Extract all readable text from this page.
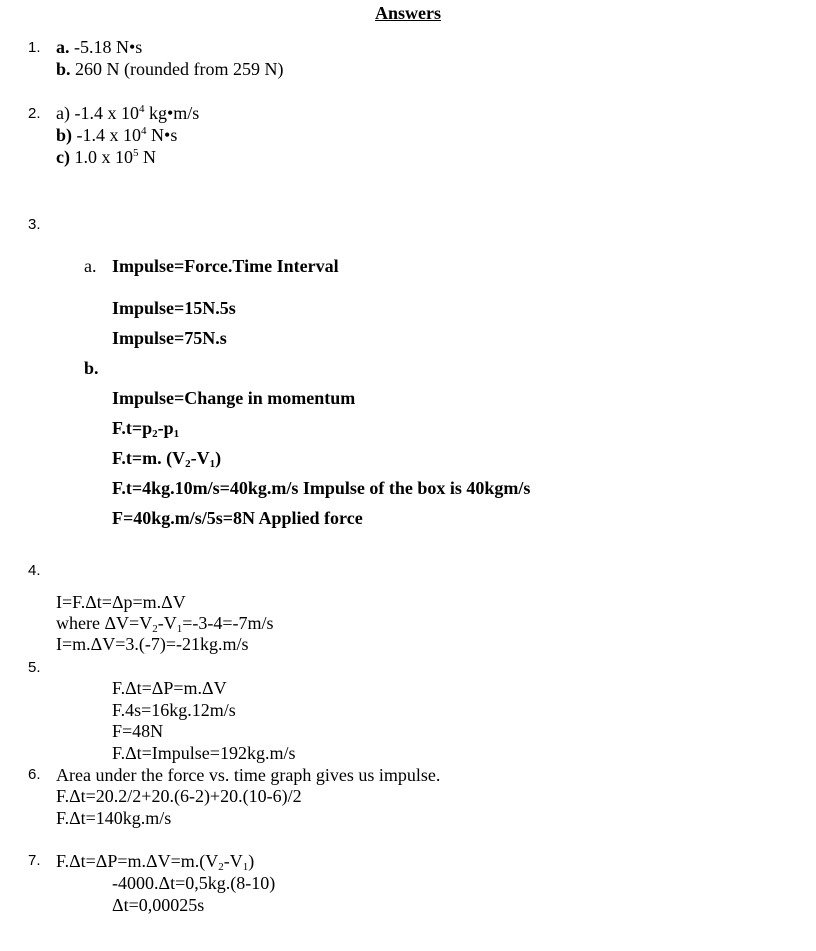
Answers
1. a. -5.18 N•s
b. 260 N (rounded from 259 N)
2. a) -1.4 x $10^4$ kg•m/s
b) -1.4 x $10^4$ N•s
c) 1.0 x $10^5$ N
3.
a. Impulse=Force.Time Interval
Impulse=15N.5s
Impulse=75N.s
b.
Impulse=Change in momentum
$F.t=p_2-p_1$
F.t=m. $(V_2-V_1)$
F.t=4kg.10m/s=40kg.m/s Impulse of the box is 40kgm/s
F=40kg.m/s/5s=8N Applied force
4.
I=F.Δt=Δp=m.ΔV
where $\Delta V=V_2-V_1=-3-4=-7m/s$
I=m.ΔV=3.(-7)=-21kg.m/s
5.
F.Δt=ΔP=m.ΔV
F.4s=16kg.12m/s
F=48N
F.Δt=Impulse=192kg.m/s
6. Area under the force vs. time graph gives us impulse.
F.Δt=20.2/2+20.(6-2)+20.(10-6)/2
F.Δt=140kg.m/s
7. $F.\Delta t=\Delta P=m.\Delta V=m.(V_2-V_1)$
-4000.Δt=0,5kg.(8-10)
Δt=0,00025s
